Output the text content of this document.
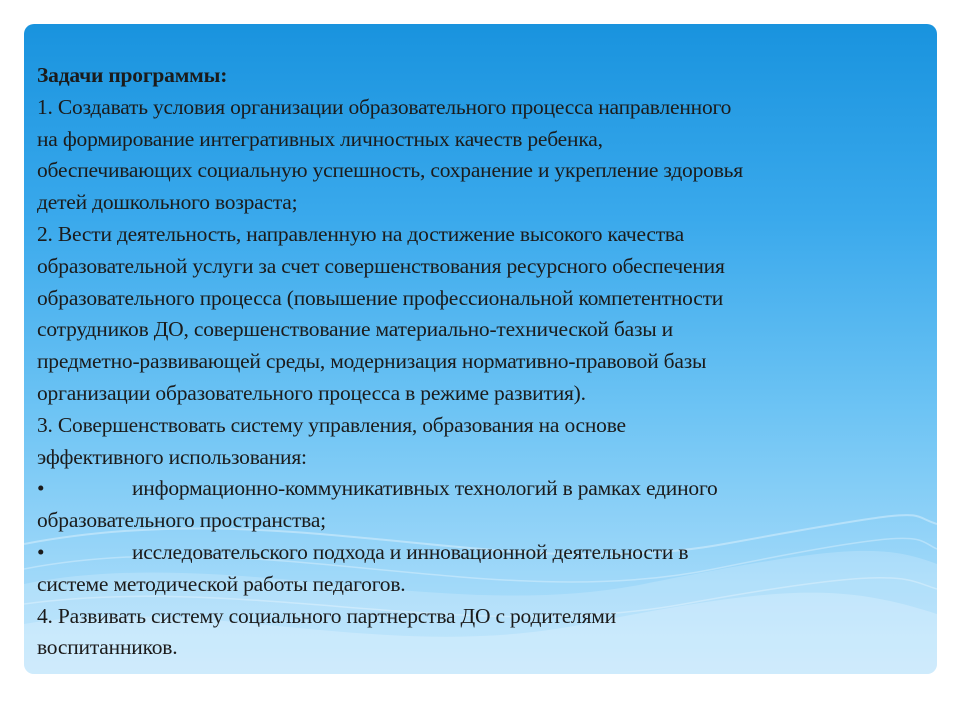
Задачи программы:

1. Создавать условия организации образовательного процесса направленного

на формирование интегративных личностных качеств ребенка,

обеспечивающих социальную успешность, сохранение и укрепление здоровья

детей дошкольного возраста;

2. Вести деятельность, направленную на достижение высокого качества

образовательной услуги за счет совершенствования ресурсного обеспечения

образовательного процесса (повышение профессиональной компетентности

сотрудников ДО, совершенствование материально-технической базы и

предметно-развивающей среды, модернизация нормативно-правовой базы

организации образовательного процесса в режиме развития).

3. Совершенствовать систему управления, образования на основе

эффективного использования:

•	информационно-коммуникативных технологий в рамках единого

образовательного пространства;

•	исследовательского подхода и инновационной деятельности в

системе методической работы педагогов.

4. Развивать систему социального партнерства ДО с родителями

воспитанников.
